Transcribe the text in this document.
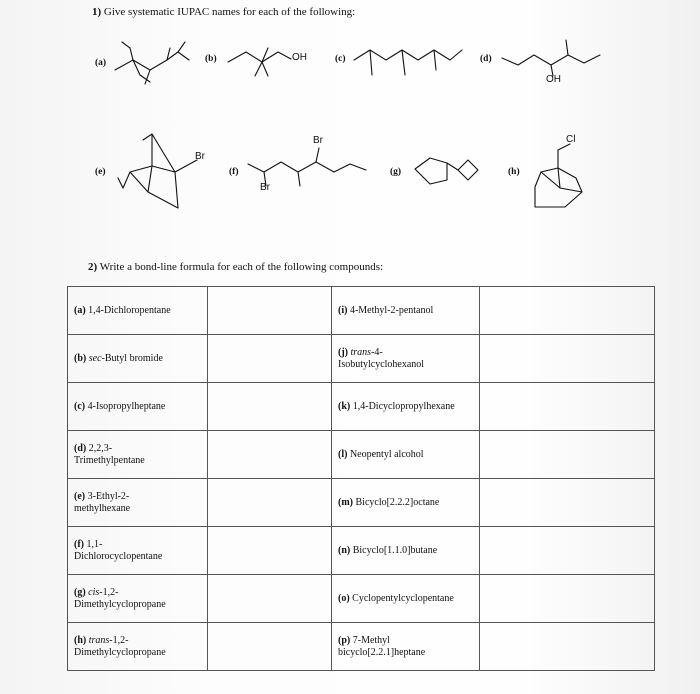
1) Give systematic IUPAC names for each of the following:
(a)	(b)	(c)	(d)
(e)	(f)	(g)	(h)
OH
OH
Br
Br
Br
Cl
2) Write a bond-line formula for each of the following compounds:
(a) 1,4-Dichloropentane		(i) 4-Methyl-2-pentanol	
(b) sec-Butyl bromide		(j) trans-4-
Isobutylcyclohexanol	
(c) 4-Isopropylheptane		(k) 1,4-Dicyclopropylhexane	
(d) 2,2,3-
Trimethylpentane		(l) Neopentyl alcohol	
(e) 3-Ethyl-2-
methylhexane		(m) Bicyclo[2.2.2]octane	
(f) 1,1-
Dichlorocyclopentane		(n) Bicyclo[1.1.0]butane	
(g) cis-1,2-
Dimethylcyclopropane		(o) Cyclopentylcyclopentane	
(h) trans-1,2-
Dimethylcyclopropane		(p) 7-Methyl
bicyclo[2.2.1]heptane	
